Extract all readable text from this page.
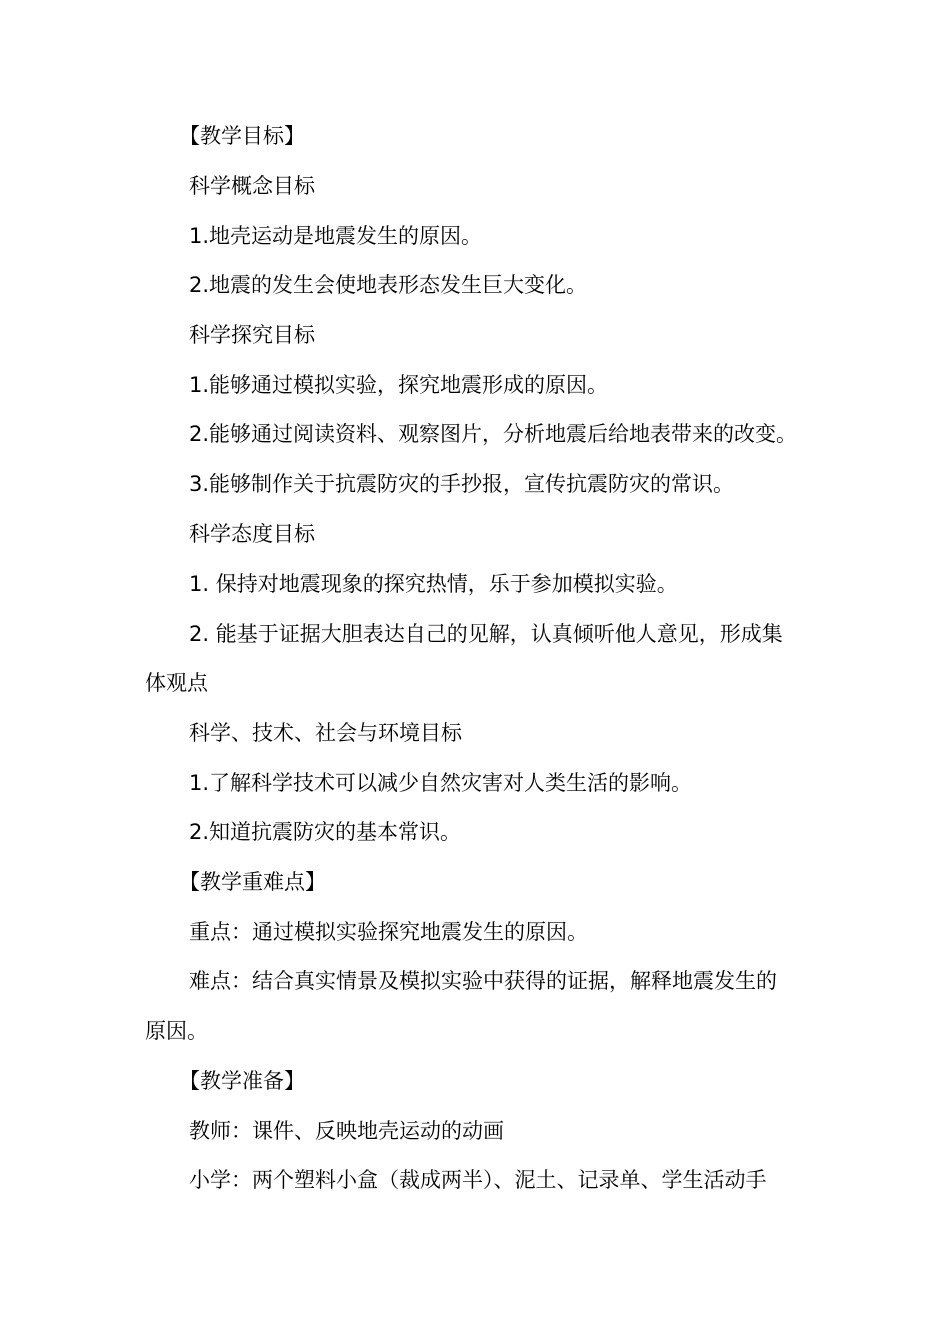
【教学目标】
科学概念目标
1.地壳运动是地震发生的原因。
2.地震的发生会使地表形态发生巨大变化。
科学探究目标
1.能够通过模拟实验，探究地震形成的原因。
2.能够通过阅读资料、观察图片，分析地震后给地表带来的改变。
3.能够制作关于抗震防灾的手抄报，宣传抗震防灾的常识。
科学态度目标
1. 保持对地震现象的探究热情，乐于参加模拟实验。
2. 能基于证据大胆表达自己的见解，认真倾听他人意见，形成集
体观点
科学、技术、社会与环境目标
1.了解科学技术可以减少自然灾害对人类生活的影响。
2.知道抗震防灾的基本常识。
【教学重难点】
重点：通过模拟实验探究地震发生的原因。
难点：结合真实情景及模拟实验中获得的证据，解释地震发生的
原因。
【教学准备】
教师：课件、反映地壳运动的动画
小学：两个塑料小盒（裁成两半）、泥土、记录单、学生活动手
